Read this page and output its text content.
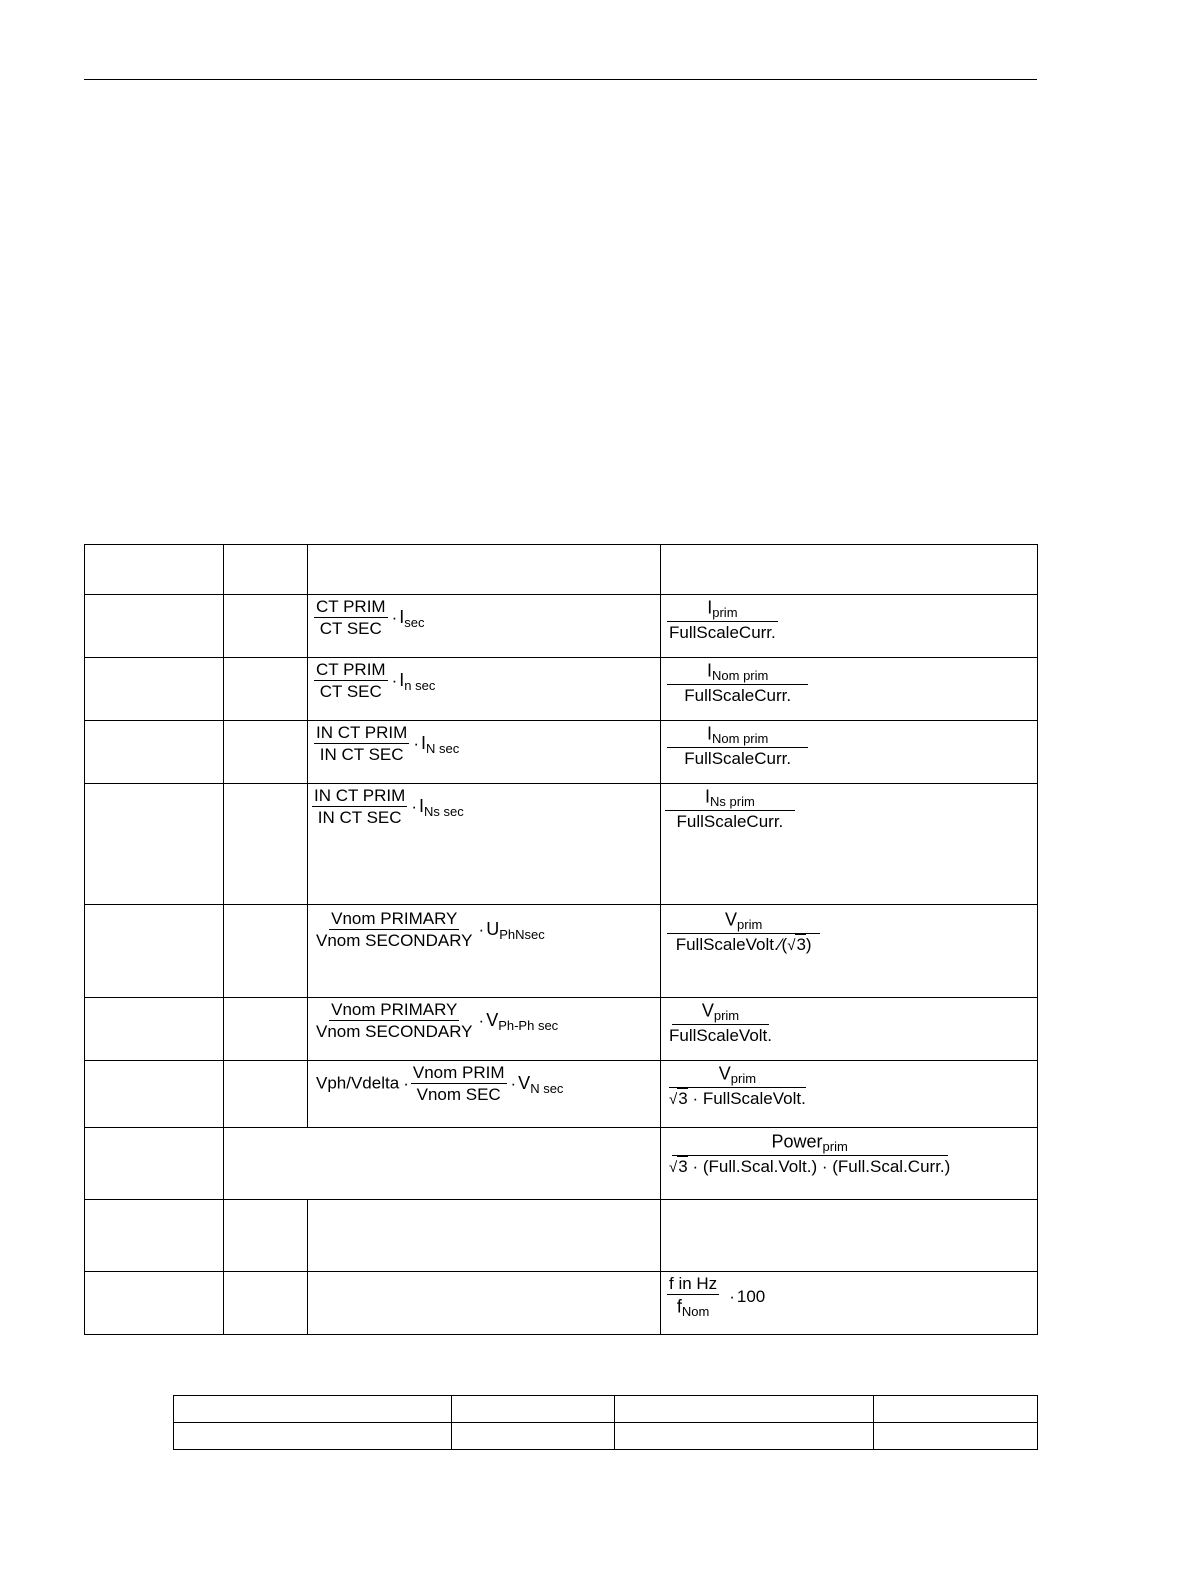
		$\frac{\text{CT PRIM}}{\text{CT SEC}} \cdot I_{sec}$	$\frac{I_{prim}}{\text{FullScaleCurr.}}$

		$\frac{\text{CT PRIM}}{\text{CT SEC}} \cdot I_{n sec}$	$\frac{I_{Nom prim}}{\text{FullScaleCurr.}}$

		$\frac{\text{IN CT PRIM}}{\text{IN CT SEC}} \cdot I_{N sec}$	$\frac{I_{Nom prim}}{\text{FullScaleCurr.}}$

		$\frac{\text{IN CT PRIM}}{\text{IN CT SEC}} \cdot I_{Ns sec}$	$\frac{I_{Ns prim}}{\text{FullScaleCurr.}}$

		$\frac{\text{Vnom PRIMARY}}{\text{Vnom SECONDARY}} \cdot U_{PhNsec}$	$\frac{V_{prim}}{\text{FullScaleVolt.⁄(√3)}}$

		$\frac{\text{Vnom PRIMARY}}{\text{Vnom SECONDARY}} \cdot V_{Ph-Ph sec}$	$\frac{V_{prim}}{\text{FullScaleVolt.}}$

		Vph/Vdelta · $\frac{\text{Vnom PRIM}}{\text{Vnom SEC}} \cdot V_{N sec}$	$\frac{V_{prim}}{\text{√3 · FullScaleVolt.}}$

			$\frac{Power_{prim}}{\text{√3 · (Full.Scal.Volt.) · (Full.Scal.Curr.)}}$

			$\frac{\text{f in Hz}}{f_{Nom}} \cdot 100$
